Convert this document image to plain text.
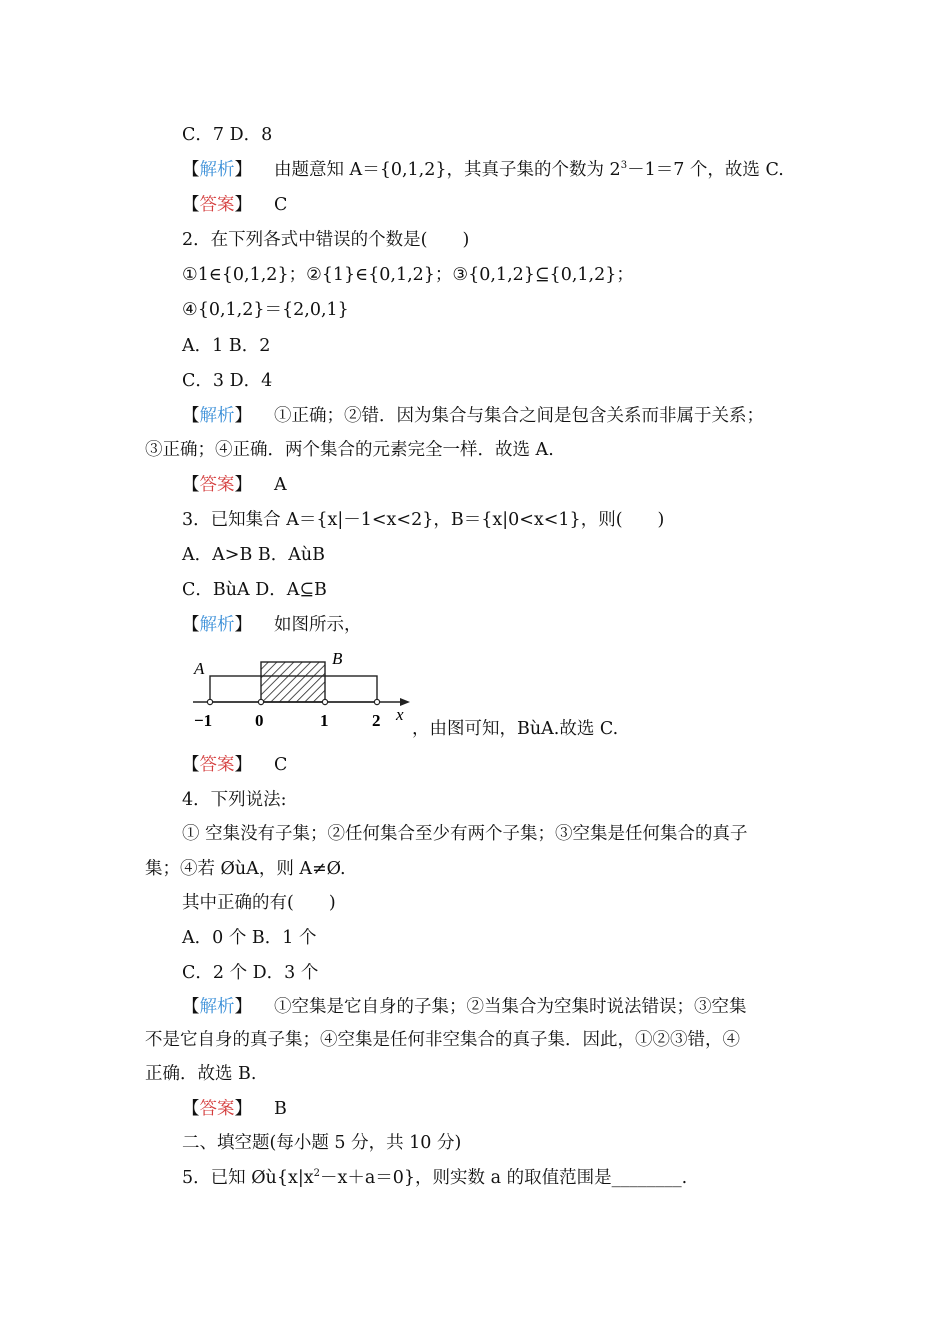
C．7 D．8
【解析】 由题意知 A＝{0,1,2}，其真子集的个数为 $2^3-1=7$ 个，故选 C.
【答案】 C
2．在下列各式中错误的个数是(　　)
①1∈{0,1,2}；②{1}∈{0,1,2}；③{0,1,2}⊆{0,1,2}；
④{0,1,2}＝{2,0,1}
A．1 B．2
C．3 D．4
【解析】 ①正确；②错．因为集合与集合之间是包含关系而非属于关系；
③正确；④正确．两个集合的元素完全一样．故选 A.
【答案】 A
3．已知集合 A＝{x|－1<x<2}，B＝{x|0<x<1}，则(　　)
A．A>B B．AùB
C．BùA D．A⊆B
【解析】 如图所示，
A
B
x
−1	0	1	2 ，由图可知，BùA.故选 C.
【答案】 C
4．下列说法:
① 空集没有子集；②任何集合至少有两个子集；③空集是任何集合的真子
集；④若 ØùA，则 A≠Ø.
其中正确的有(　　)
A．0 个 B．1 个
C．2 个 D．3 个
【解析】 ①空集是它自身的子集；②当集合为空集时说法错误；③空集
不是它自身的真子集；④空集是任何非空集合的真子集．因此，①②③错，④
正确．故选 B.
【答案】 B
二、填空题(每小题 5 分，共 10 分)
5．已知 $Øù\{x|x^2-x+a=0\}$，则实数 a 的取值范围是________.
